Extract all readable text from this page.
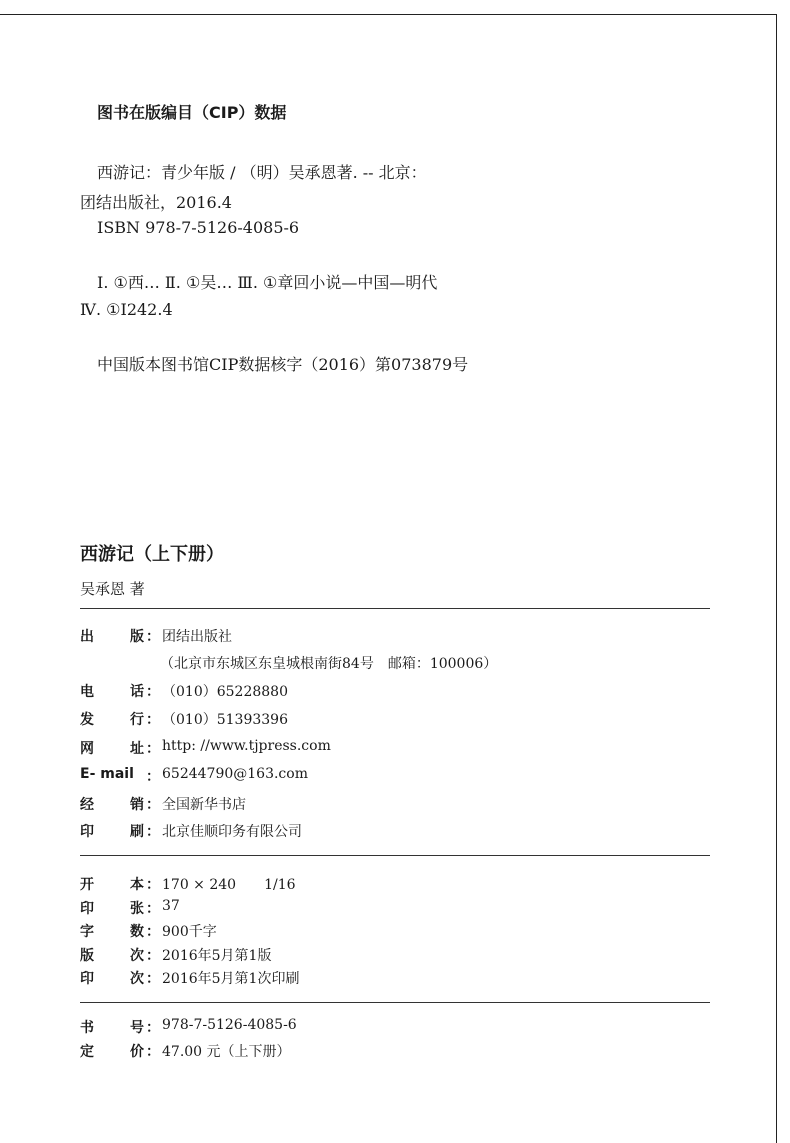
图书在版编目（CIP）数据
西游记：青少年版 / （明）吴承恩著. -- 北京：
团结出版社，2016.4
ISBN 978-7-5126-4085-6
Ⅰ. ①西… Ⅱ. ①吴… Ⅲ. ①章回小说—中国—明代
Ⅳ. ①I242.4
中国版本图书馆CIP数据核字（2016）第073879号
西游记（上下册）
吴承恩 著
出	版 ： 团结出版社
（北京市东城区东皇城根南街84号　邮箱：100006）
电	话 ： （010）65228880
发	行 ： （010）51393396
网	址 ： http: //www.tjpress.com
E- mail ： 65244790@163.com
经	销 ： 全国新华书店
印	刷 ： 北京佳顺印务有限公司
开	本 ： 170 × 240　　1/16
印	张 ： 37
字	数 ： 900千字
版	次 ： 2016年5月第1版
印	次 ： 2016年5月第1次印刷
书	号 ： 978-7-5126-4085-6
定	价 ： 47.00 元（上下册）
